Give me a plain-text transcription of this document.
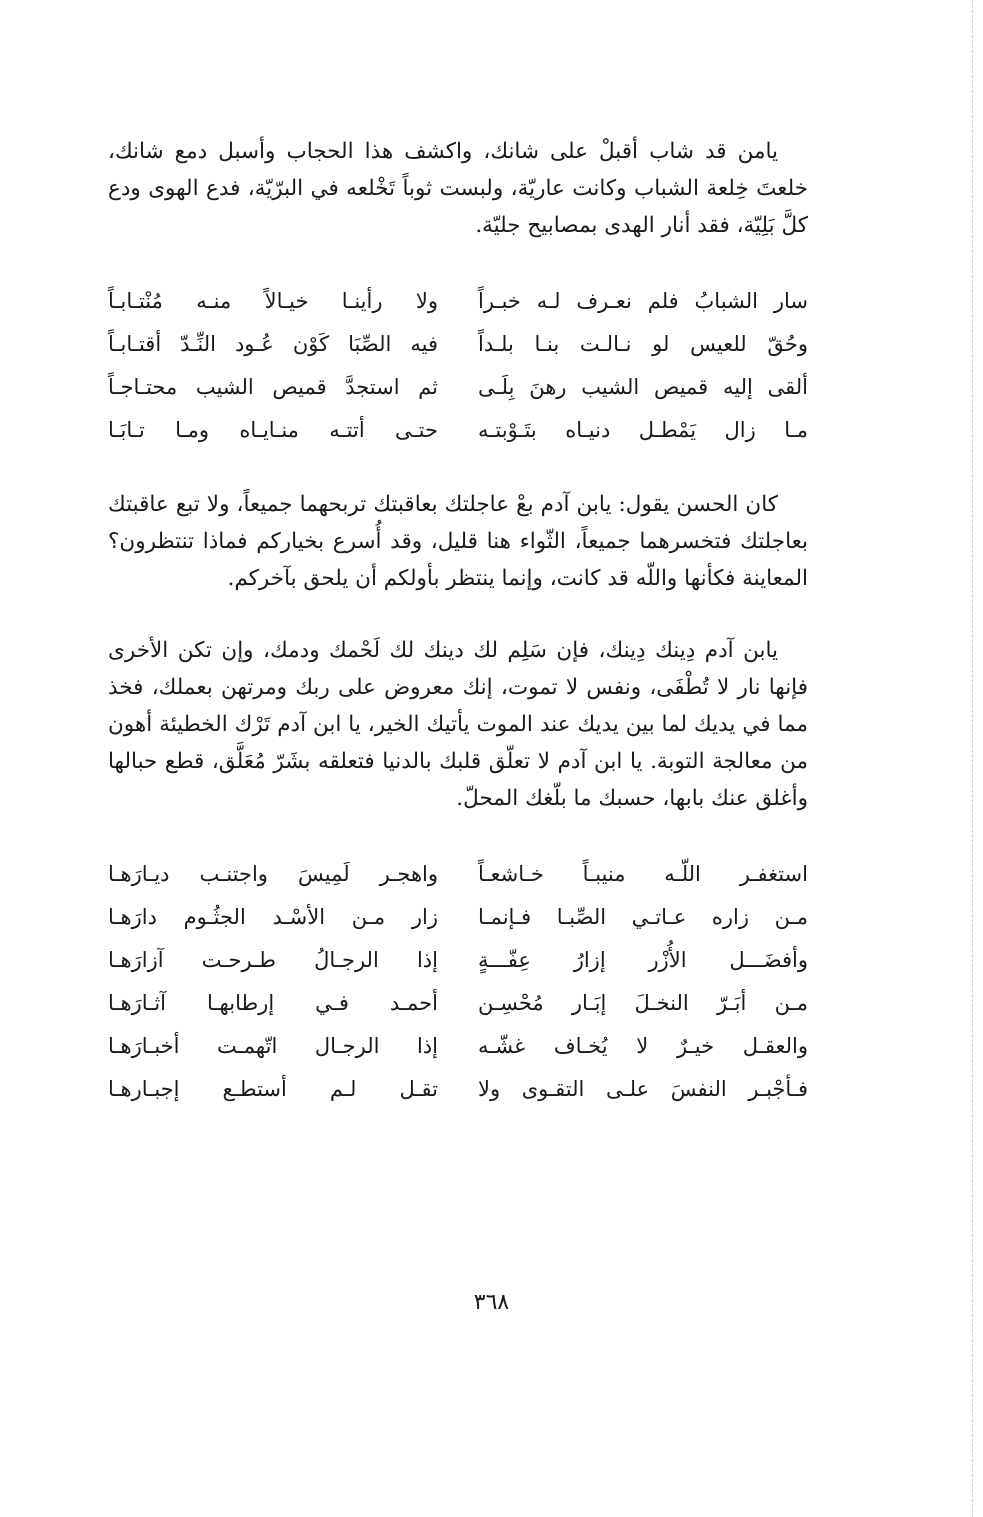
يامن قد شاب أقبلْ على شانك، واكشف هذا الحجاب وأسبل دمع شانك، خلعتَ خِلعة الشباب وكانت عاريّة، ولبست ثوباً تَخْلعه في البرّيّة، فدع الهوى ودع كلَّ بَلِيّة، فقد أنار الهدى بمصابيح جليّة.

سار الشبابُ فلم نعـرف لـه خبـراً
ولا رأينـا خيـالاً منـه مُنْتـابـاً
وحُقّ للعيس لو نـالـت بنـا بلـداً
فيه الصِّبَا كَوْن عُـود النِّـدّ أقتـابـاً
ألقى إليه قميص الشيب رهنَ بِلَـى
ثم استجدَّ قميص الشيب محتـاجـاً
مـا زال يَمْطـل دنيـاه بتَـوْبتـه
حتـى أتتـه منـايـاه ومـا تـابَـا

كان الحسن يقول: يابن آدم بعْ عاجلتك بعاقبتك تربحهما جميعاً، ولا تبع عاقبتك بعاجلتك فتخسرهما جميعاً، الثّواء هنا قليل، وقد أُسرع بخياركم فماذا تنتظرون؟ المعاينة فكأنها واللّه قد كانت، وإنما ينتظر بأولكم أن يلحق بآخركم.

يابن آدم دِينك دِينك، فإن سَلِم لك دينك لك لَحْمك ودمك، وإن تكن الأخرى فإنها نار لا تُطْفَى، ونفس لا تموت، إنك معروض على ربك ومرتهن بعملك، فخذ مما في يديك لما بين يديك عند الموت يأتيك الخير، يا ابن آدم تَرْك الخطيئة أهون من معالجة التوبة. يا ابن آدم لا تعلّق قلبك بالدنيا فتعلقه بشَرّ مُعَلَّق، قطع حبالها وأغلق عنك بابها، حسبك ما بلّغك المحلّ.

استغفـر اللّـه منيبـاً خـاشعـاً
واهجـر لَمِيسَ واجتنـب ديـارَهـا
مـن زاره عـاتـي الصِّبـا فـإنمـا
زار مـن الأسْـد الجثُـوم دارَهـا
وأفضَـــل الأُزْر إزارُ عِفّـــةٍ
إذا الرجـالُ طـرحـت آزارَهـا
مـن أبَـرّ النخـلَ إبَـار مُحْسِـن
أحمـد فـي إرطابهـا آثـارَهـا
والعقـل خيـرٌ لا يُخـاف غشّـه
إذا الرجـال اتّهمـت أخبـارَهـا
فـأجْبـر النفسَ علـى التقـوى ولا
تقـل لـم أستطـع إجبـارهـا
٣٦٨
